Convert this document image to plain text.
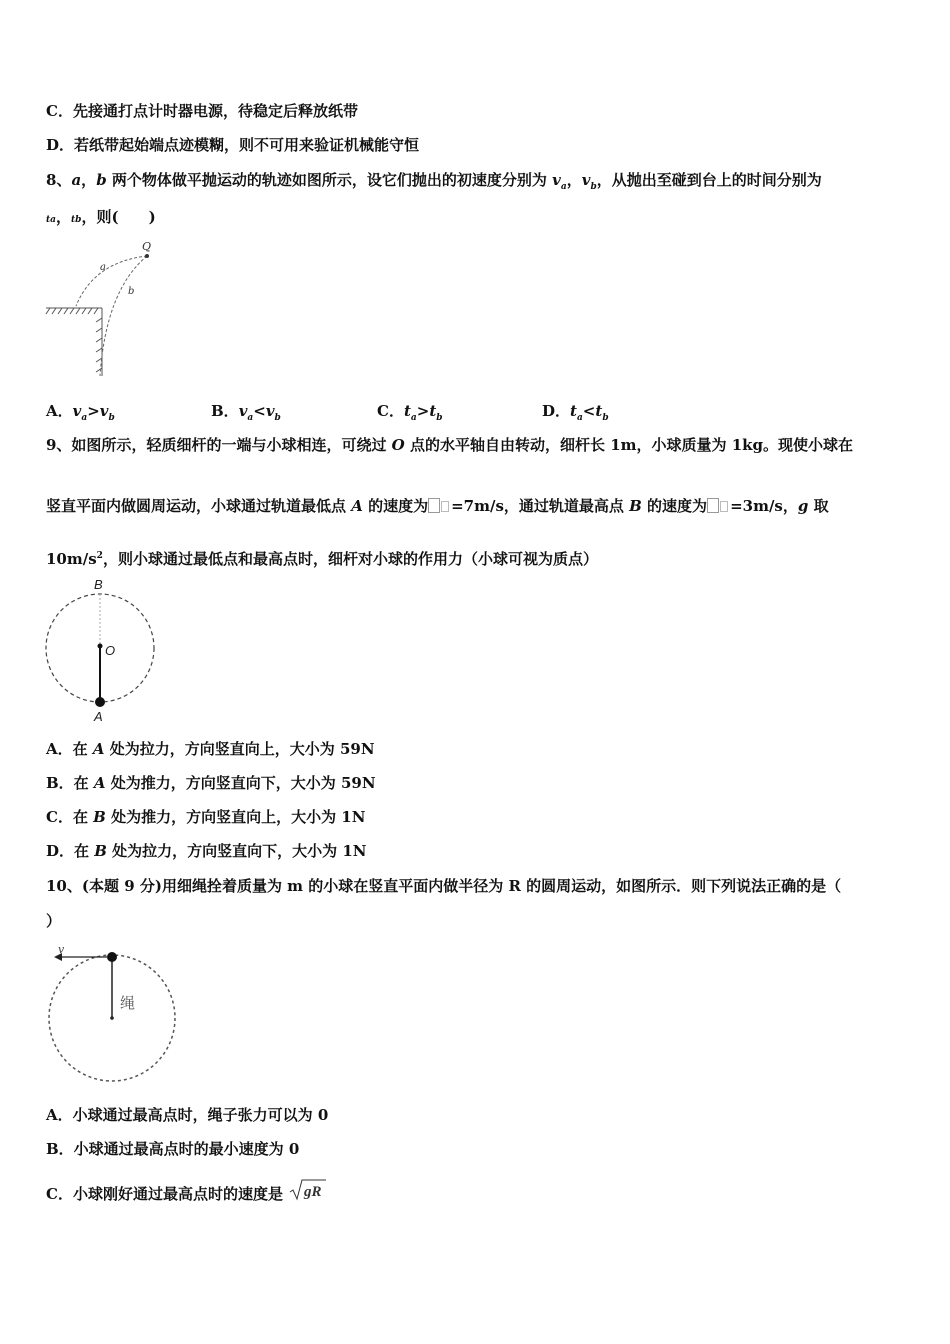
C．先接通打点计时器电源，待稳定后释放纸带
D．若纸带起始端点迹模糊，则不可用来验证机械能守恒
8、a，b 两个物体做平抛运动的轨迹如图所示，设它们抛出的初速度分别为 $v_a$，$v_b$，从抛出至碰到台上的时间分别为
ta，tb，则(　　)
Q
a
b
A．$v_a>v_b$	B．$v_a<v_b$	C．$t_a>t_b$	D．$t_a<t_b$
9、如图所示，轻质细杆的一端与小球相连，可绕过 O 点的水平轴自由转动，细杆长 1m，小球质量为 1kg。现使小球在
竖直平面内做圆周运动，小球通过轨道最低点 A 的速度为 =7m/s，通过轨道最高点 B 的速度为 =3m/s，g 取
$10m/s^2$，则小球通过最低点和最高点时，细杆对小球的作用力（小球可视为质点）
B
O
A
A．在 A 处为拉力，方向竖直向上，大小为 59N
B．在 A 处为推力，方向竖直向下，大小为 59N
C．在 B 处为推力，方向竖直向上，大小为 1N
D．在 B 处为拉力，方向竖直向下，大小为 1N
10、(本题 9 分)用细绳拴着质量为 m 的小球在竖直平面内做半径为 R 的圆周运动，如图所示．则下列说法正确的是（
）
v
绳
A．小球通过最高点时，绳子张力可以为 0
B．小球通过最高点时的最小速度为 0
C．小球刚好通过最高点时的速度是 gR
